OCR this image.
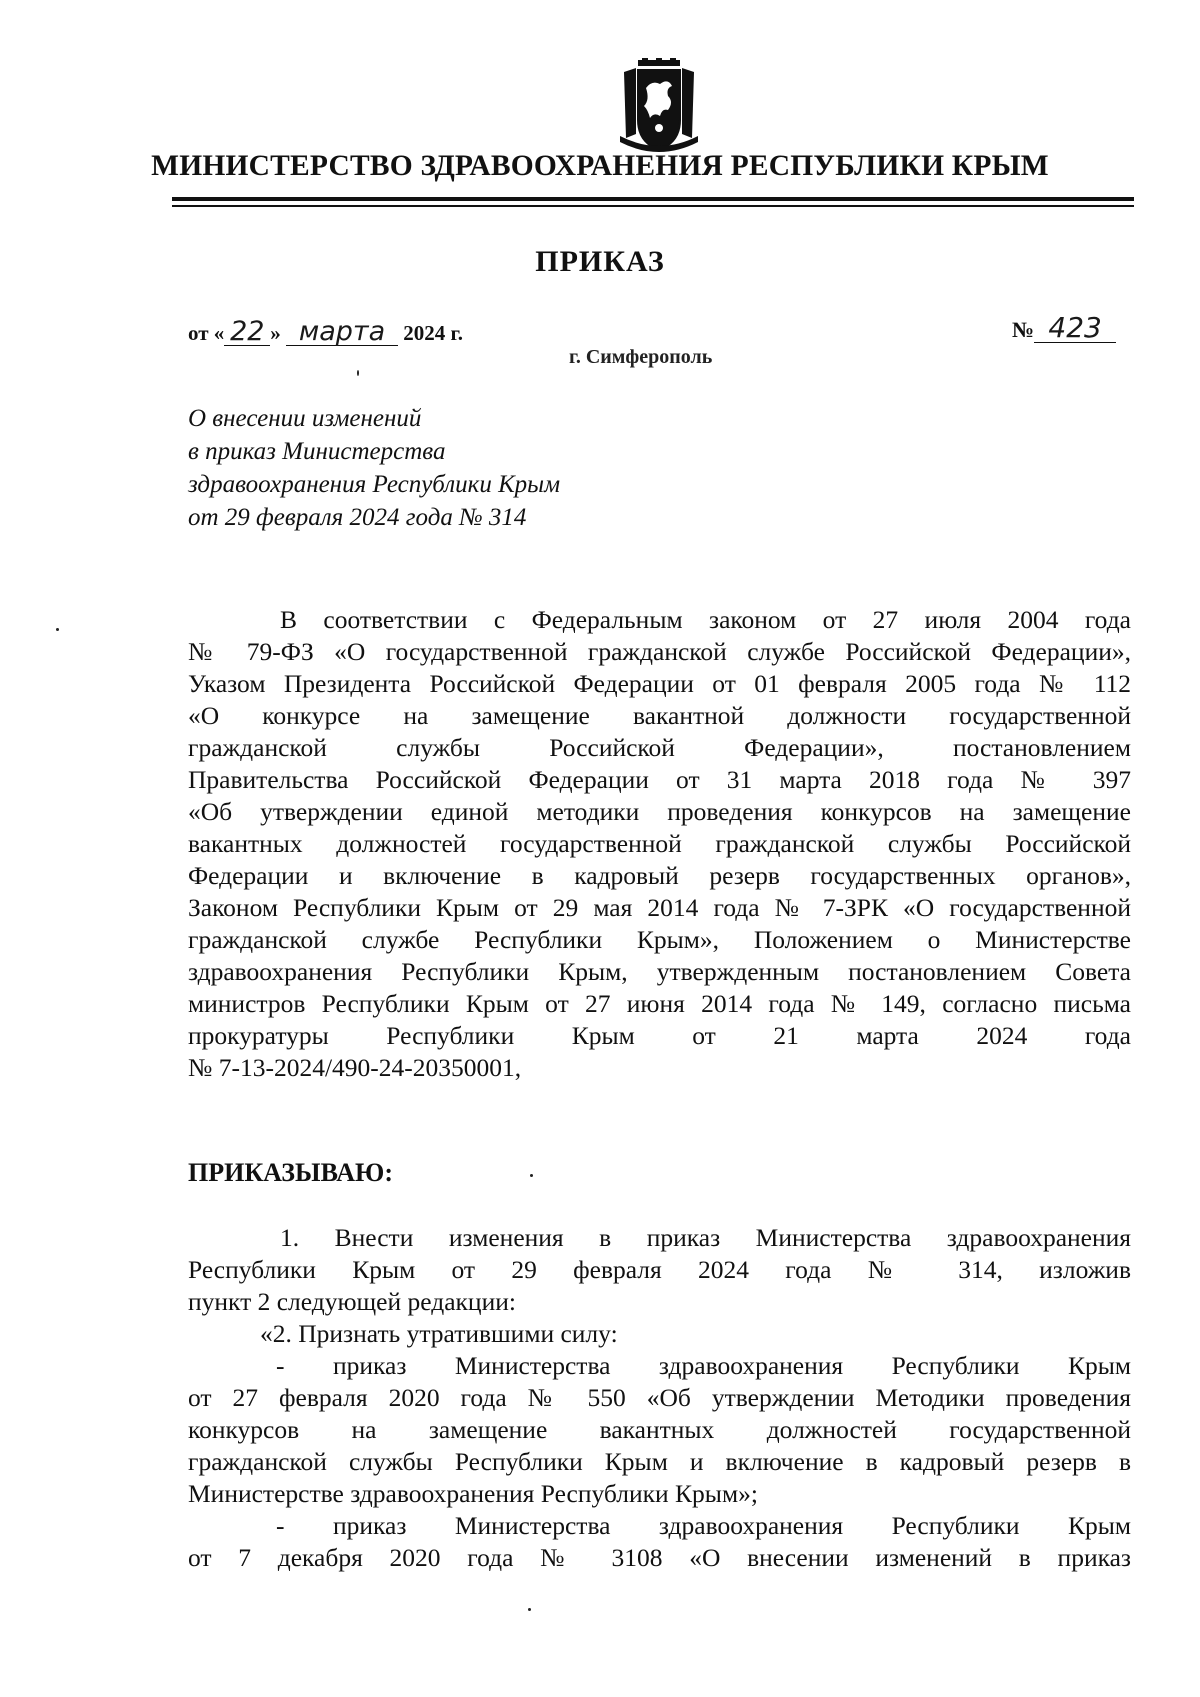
МИНИСТЕРСТВО ЗДРАВООХРАНЕНИЯ РЕСПУБЛИКИ КРЫМ
ПРИКАЗ
от « 22 » марта 2024 г.	№ 423
г. Симферополь
О внесении изменений
в приказ Министерства
здравоохранения Республики Крым
от 29 февраля 2024 года № 314
В соответствии с Федеральным законом от 27 июля 2004 года
№ 79-ФЗ «О государственной гражданской службе Российской Федерации»,
Указом Президента Российской Федерации от 01 февраля 2005 года № 112
«О конкурсе на замещение вакантной должности государственной
гражданской службы Российской Федерации», постановлением
Правительства Российской Федерации от 31 марта 2018 года № 397
«Об утверждении единой методики проведения конкурсов на замещение
вакантных должностей государственной гражданской службы Российской
Федерации и включение в кадровый резерв государственных органов»,
Законом Республики Крым от 29 мая 2014 года № 7-ЗРК «О государственной
гражданской службе Республики Крым», Положением о Министерстве
здравоохранения Республики Крым, утвержденным постановлением Совета
министров Республики Крым от 27 июня 2014 года № 149, согласно письма
прокуратуры Республики Крым от 21 марта 2024 года
№ 7-13-2024/490-24-20350001,
ПРИКАЗЫВАЮ:
1. Внести изменения в приказ Министерства здравоохранения
Республики Крым от 29 февраля 2024 года № 314, изложив
пункт 2 следующей редакции:
«2. Признать утратившими силу:
- приказ Министерства здравоохранения Республики Крым
от 27 февраля 2020 года № 550 «Об утверждении Методики проведения
конкурсов на замещение вакантных должностей государственной
гражданской службы Республики Крым и включение в кадровый резерв в
Министерстве здравоохранения Республики Крым»;
- приказ Министерства здравоохранения Республики Крым
от 7 декабря 2020 года № 3108 «О внесении изменений в приказ
